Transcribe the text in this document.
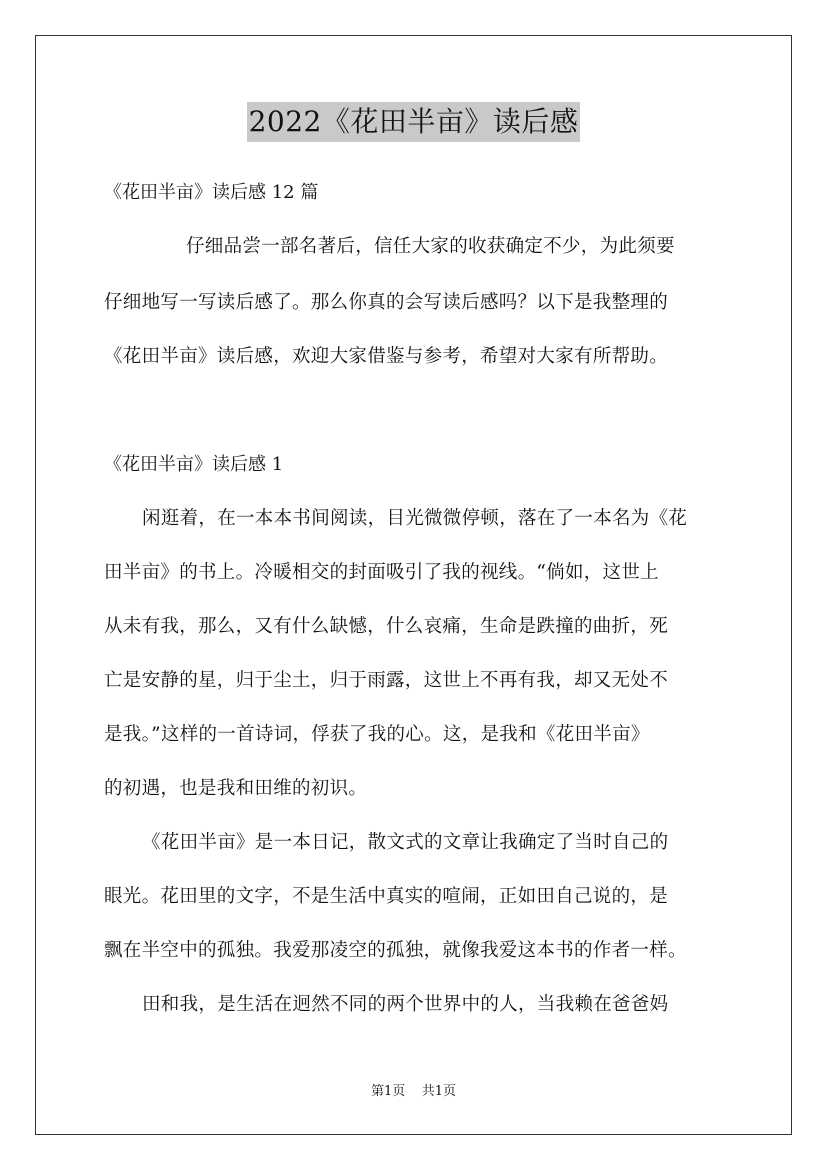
2022《花田半亩》读后感
《花田半亩》读后感 12 篇
仔细品尝一部名著后，信任大家的收获确定不少，为此须要
仔细地写一写读后感了。那么你真的会写读后感吗？以下是我整理的
《花田半亩》读后感，欢迎大家借鉴与参考，希望对大家有所帮助。
《花田半亩》读后感 1
闲逛着，在一本本书间阅读，目光微微停顿，落在了一本名为《花
田半亩》的书上。冷暖相交的封面吸引了我的视线。“倘如，这世上
从未有我，那么，又有什么缺憾，什么哀痛，生命是跌撞的曲折，死
亡是安静的星，归于尘土，归于雨露，这世上不再有我，却又无处不
是我。”这样的一首诗词，俘获了我的心。这，是我和《花田半亩》
的初遇，也是我和田维的初识。
《花田半亩》是一本日记，散文式的文章让我确定了当时自己的
眼光。花田里的文字，不是生活中真实的喧闹，正如田自己说的，是
飘在半空中的孤独。我爱那凌空的孤独，就像我爱这本书的作者一样。
田和我，是生活在迥然不同的两个世界中的人，当我赖在爸爸妈
第1页 共1页
